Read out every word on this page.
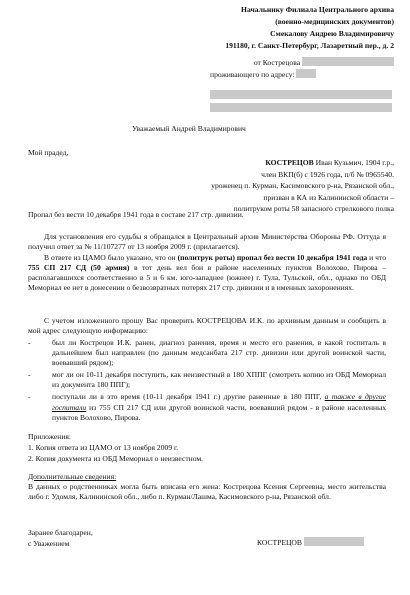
Начальнику Филиала Центрального архива
(военно-медицинских документов)
Смекалову Андрею Владимировичу
191180, г. Санкт-Петербург, Лазаретный пер., д. 2
от Кострецова
проживающего по адресу:
Уважаемый Андрей Владимирович
Мой прадед,
КОСТРЕЦОВ Иван Кузьмич, 1904 г.р.,
член ВКП(б) с 1926 года, п/б № 0965540.
уроженец п. Курман, Касимовского р-на, Рязанской обл.,
призван в КА из Калининской области –
политруком роты 58 запасного стрелкового полка
Пропал без вести 10 декабря 1941 года в составе 217 стр. дивизии.
Для установления его судьбы я обращался в Центральный архив Министерства Обороны РФ. Оттуда я получил ответ за № 11/107277 от 13 ноября 2009 г. (прилагается).
В ответе из ЦАМО было указано, что он (политрук роты) пропал без вести 10 декабря 1941 года и что 755 СП 217 СД (50 армия) в тот день вел бои в районе населенных пунктов Волохово, Пирова – располагавшихся соответственно в 5 и 6 км. юго-западнее (южнее) г. Тула, Тульской, обл., однако по ОБД Мемориал ее нет в донесении о безвозвратных потерях 217 стр. дивизии и в именных захоронениях.
С учетом изложенного прошу Вас проверить КОСТРЕЦОВА И.К. по архивным данным и сообщить в мой адрес следующую информацию:
- был ли Кострецов И.К. ранен, диагноз ранения, время и место его ранения, в какой госпиталь в дальнейшем был направлен (по данным медсанбата 217 стр. дивизии или другой воинской части, воевавший рядом);
- мог ли он 10-11 декабря поступить, как неизвестный в 180 ХППГ (смотреть копию из ОБД Мемориал из документа 180 ППГ);
- поступали ли в это время (10-11 декабря 1941 г.) другие раненные в 180 ППГ, а также в другие госпитали из 755 СП 217 СД или другой воинской части, воевавший рядом - в районе населенных пунктов Волохово, Пирова.
Приложения:
1. Копия ответа из ЦАМО от 13 ноября 2009 г.
2. Копия документа из ОБД Мемориал о неизвестном.
Дополнительные сведения:
В данных о родственниках могла быть вписана его жена: Кострецова Ксения Сергеевна, место жительства либо г. Удомля, Калининской обл., либо п. Курман/Лашма, Касимовского р-на, Рязанской обл.
Заранее благодарен,
с Уважением	КОСТРЕЦОВ
